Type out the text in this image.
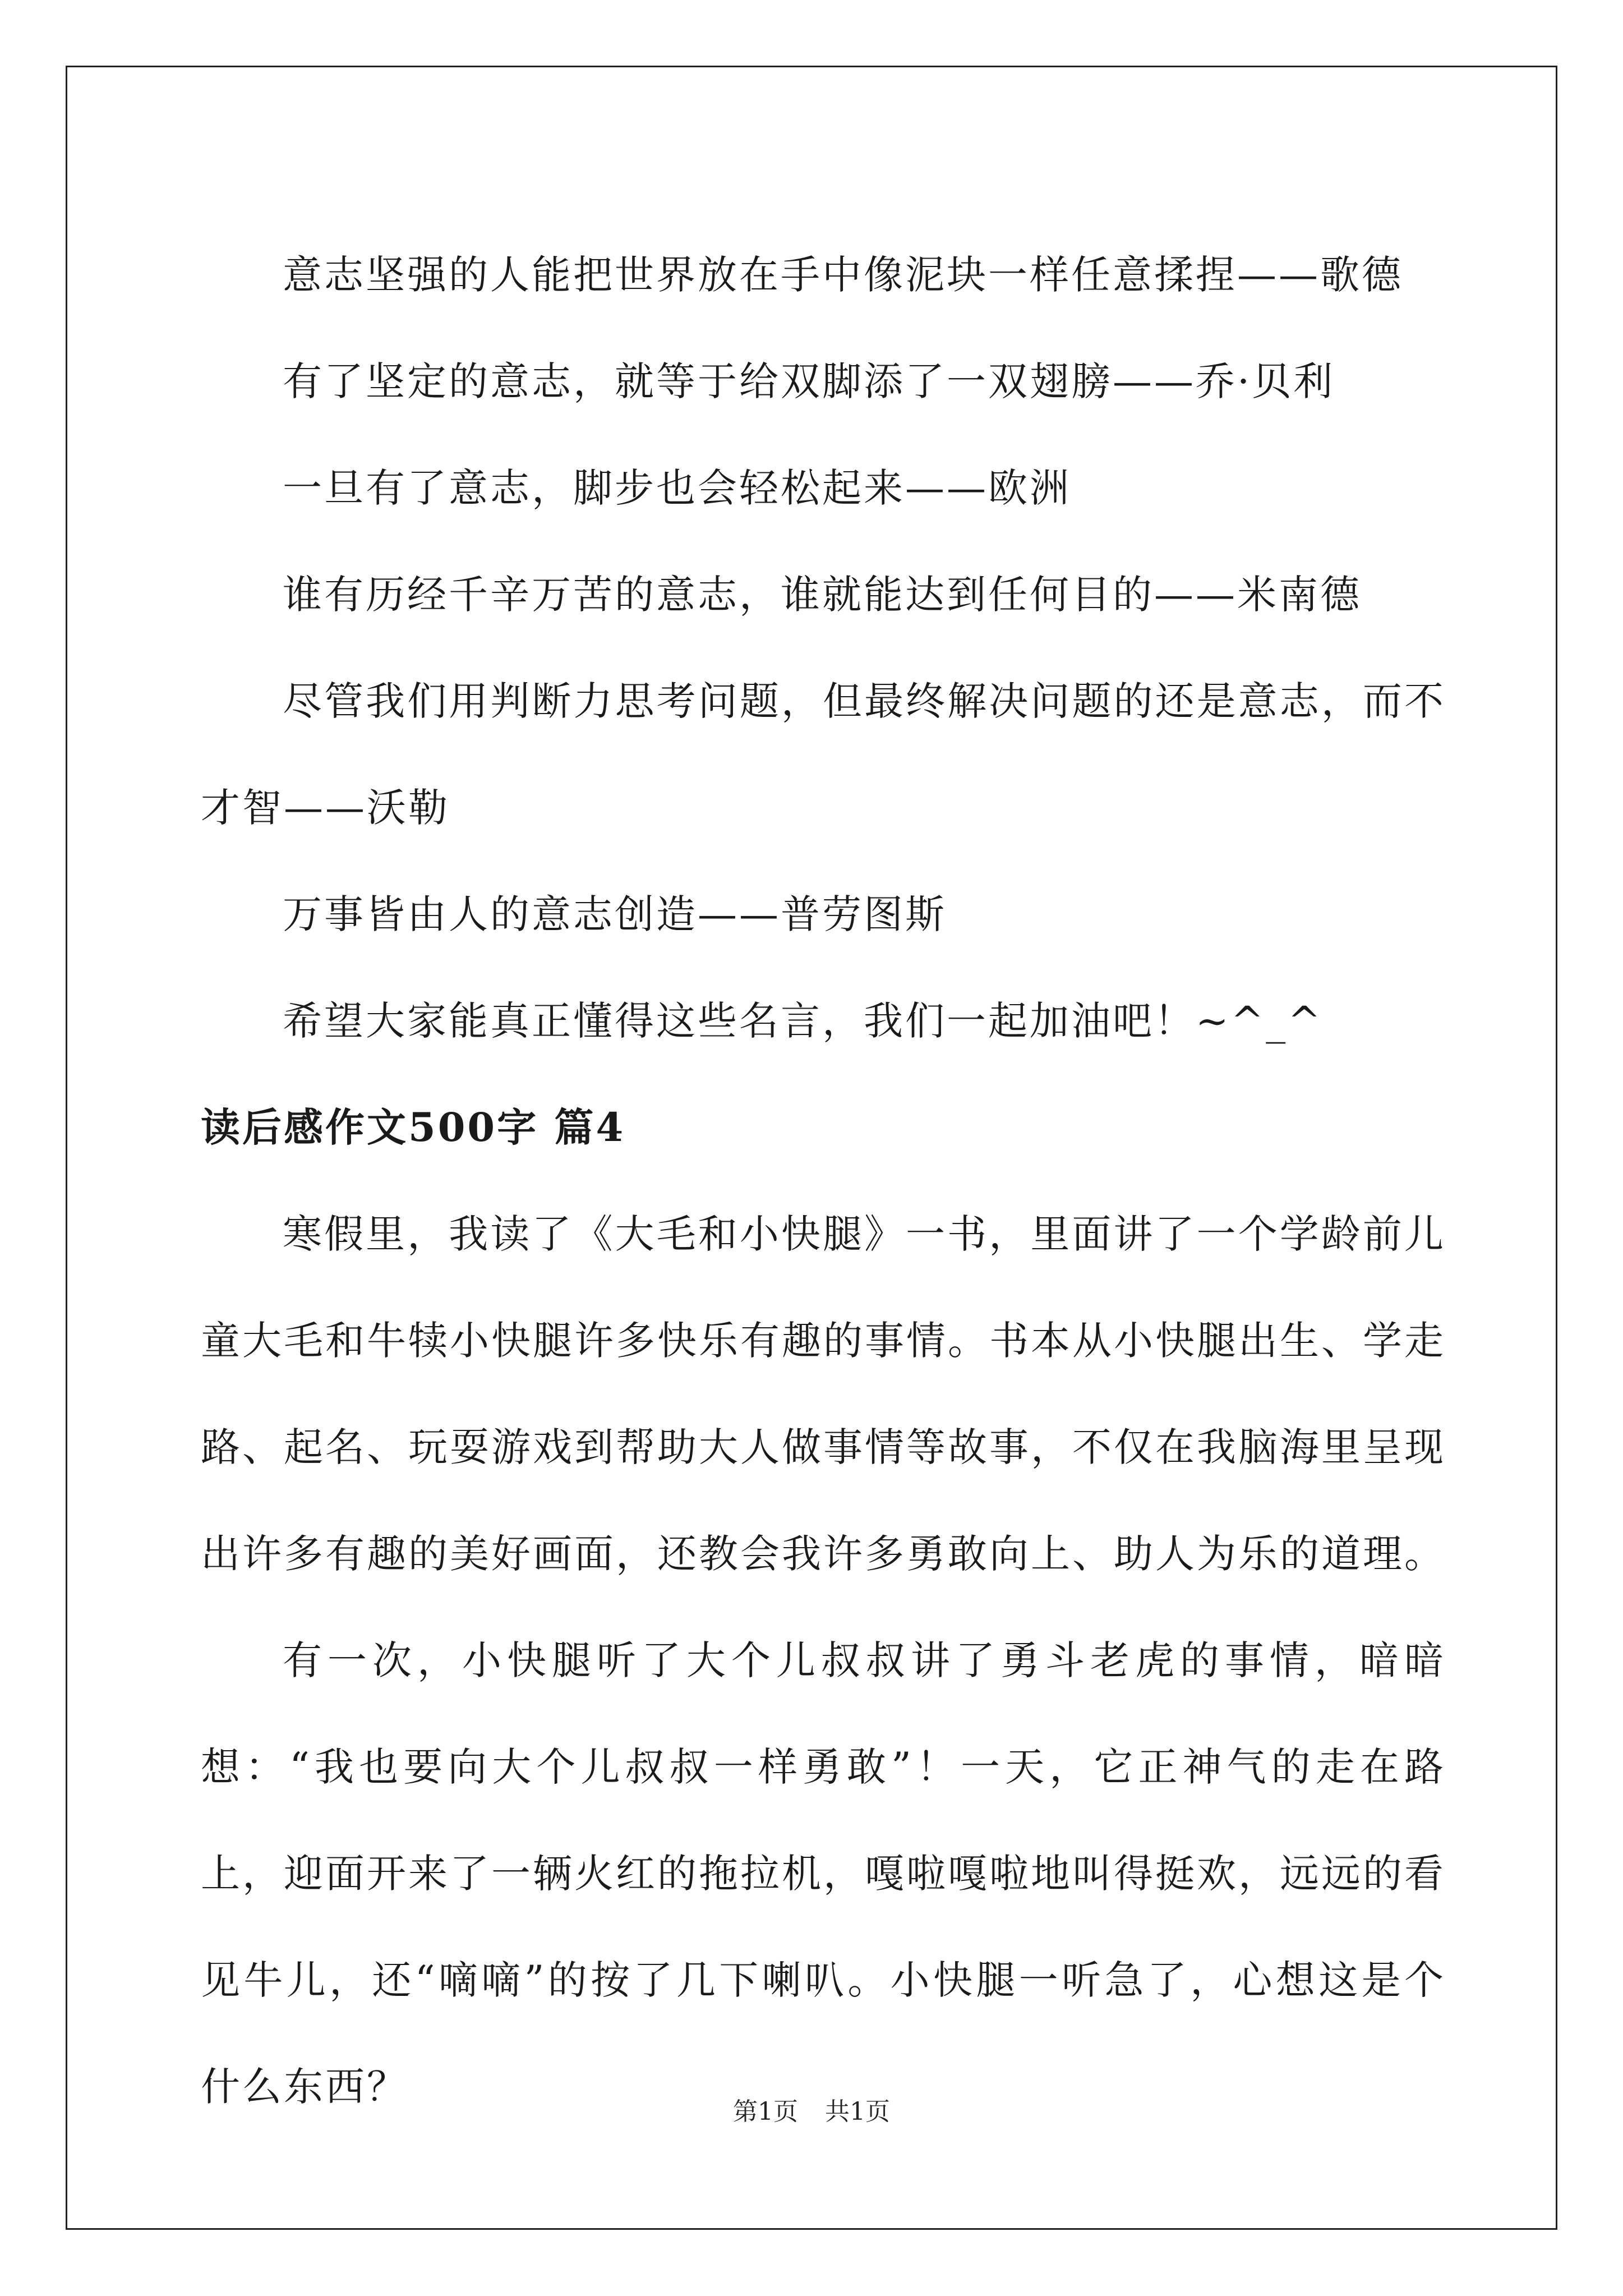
意志坚强的人能把世界放在手中像泥块一样任意揉捏——歌德

有了坚定的意志，就等于给双脚添了一双翅膀——乔·贝利

一旦有了意志，脚步也会轻松起来——欧洲

谁有历经千辛万苦的意志，谁就能达到任何目的——米南德

尽管我们用判断力思考问题，但最终解决问题的还是意志，而不才智——沃勒

万事皆由人的意志创造——普劳图斯

希望大家能真正懂得这些名言，我们一起加油吧！~^_^

读后感作文500字 篇4

寒假里，我读了《大毛和小快腿》一书，里面讲了一个学龄前儿童大毛和牛犊小快腿许多快乐有趣的事情。书本从小快腿出生、学走路、起名、玩耍游戏到帮助大人做事情等故事，不仅在我脑海里呈现出许多有趣的美好画面，还教会我许多勇敢向上、助人为乐的道理。

有一次，小快腿听了大个儿叔叔讲了勇斗老虎的事情，暗暗想：“我也要向大个儿叔叔一样勇敢”！一天，它正神气的走在路上，迎面开来了一辆火红的拖拉机，嘎啦嘎啦地叫得挺欢，远远的看见牛儿，还“嘀嘀”的按了几下喇叭。小快腿一听急了，心想这是个什么东西？

第1页 共1页
